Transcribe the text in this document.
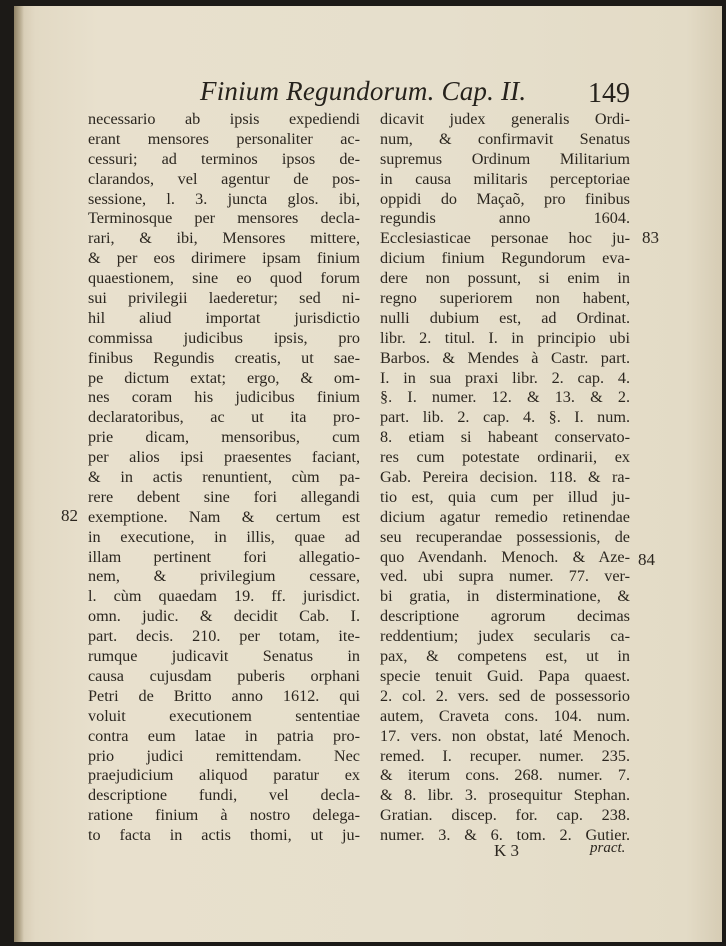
Finium Regundorum. Cap. II. 149
necessario ab ipsis expediendi
erant mensores personaliter ac-
cessuri; ad terminos ipsos de-
clarandos, vel agentur de pos-
sessione, l. 3. juncta glos. ibi,
Terminosque per mensores decla-
rari, & ibi, Mensores mittere,
& per eos dirimere ipsam finium
quaestionem, sine eo quod forum
sui privilegii laederetur; sed ni-
hil aliud importat jurisdictio
commissa judicibus ipsis, pro
finibus Regundis creatis, ut sae-
pe dictum extat; ergo, & om-
nes coram his judicibus finium
declaratoribus, ac ut ita pro-
prie dicam, mensoribus, cum
per alios ipsi praesentes faciant,
& in actis renuntient, cùm pa-
rere debent sine fori allegandi
exemptione. Nam & certum est
in executione, in illis, quae ad
illam pertinent fori allegatio-
nem, & privilegium cessare,
l. cùm quaedam 19. ff. jurisdict.
omn. judic. & decidit Cab. I.
part. decis. 210. per totam, ite-
rumque judicavit Senatus in
causa cujusdam puberis orphani
Petri de Britto anno 1612. qui
voluit executionem sententiae
contra eum latae in patria pro-
prio judici remittendam. Nec
praejudicium aliquod paratur ex
descriptione fundi, vel decla-
ratione finium à nostro delega-
to facta in actis thomi, ut ju-
dicavit judex generalis Ordi-
num, & confirmavit Senatus
supremus Ordinum Militarium
in causa militaris perceptoriae
oppidi do Maçaõ, pro finibus
regundis anno 1604.
Ecclesiasticae personae hoc ju-
dicium finium Regundorum eva-
dere non possunt, si enim in
regno superiorem non habent,
nulli dubium est, ad Ordinat.
libr. 2. titul. I. in principio ubi
Barbos. & Mendes à Castr. part.
I. in sua praxi libr. 2. cap. 4.
§. I. numer. 12. & 13. & 2.
part. lib. 2. cap. 4. §. I. num.
8. etiam si habeant conservato-
res cum potestate ordinarii, ex
Gab. Pereira decision. 118. & ra-
tio est, quia cum per illud ju-
dicium agatur remedio retinendae
seu recuperandae possessionis, de
quo Avendanh. Menoch. & Aze-
ved. ubi supra numer. 77. ver-
bi gratia, in disterminatione, &
descriptione agrorum decimas
reddentium; judex secularis ca-
pax, & competens est, ut in
specie tenuit Guid. Papa quaest.
2. col. 2. vers. sed de possessorio
autem, Craveta cons. 104. num.
17. vers. non obstat, laté Menoch.
remed. I. recuper. numer. 235.
& iterum cons. 268. numer. 7.
& 8. libr. 3. prosequitur Stephan.
Gratian. discep. for. cap. 238.
numer. 3. & 6. tom. 2. Gutier.
82
83
84
K 3	pract.
